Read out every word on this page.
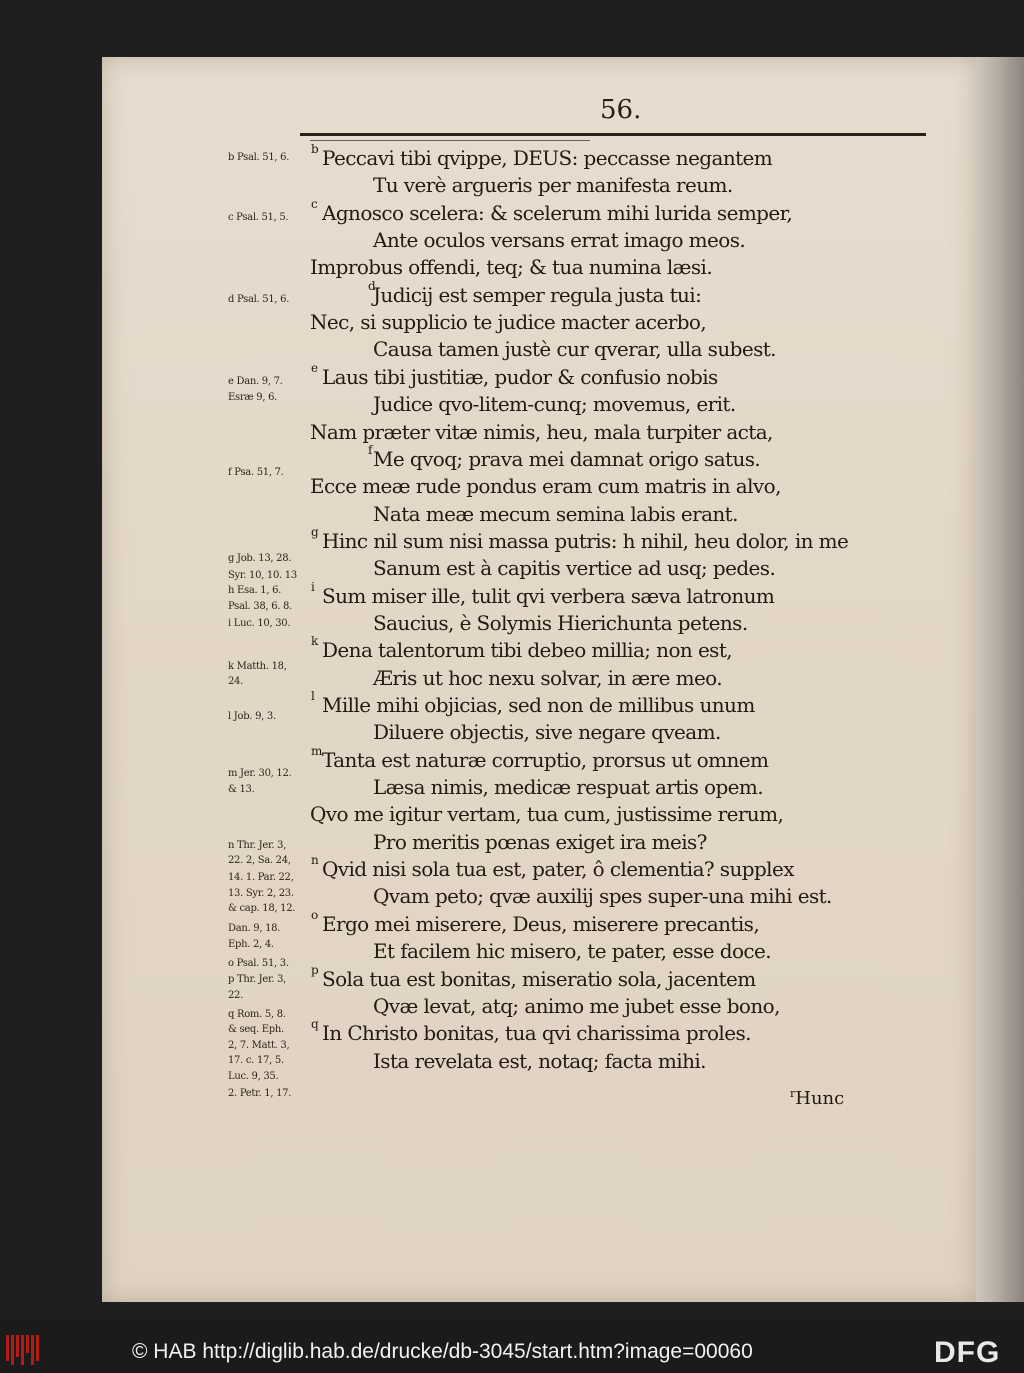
56.
b Peccavi tibi qvippe, DEUS: peccasse negantem
Tu verè argueris per manifesta reum.
c Agnosco scelera: & scelerum mihi lurida semper,
Ante oculos versans errat imago meos.
Improbus offendi, teq; & tua numina læsi.
d
Judicij est semper regula justa tui:
Nec, si supplicio te judice macter acerbo,
Causa tamen justè cur qverar, ulla subest.
e Laus tibi justitiæ, pudor & confusio nobis
Judice qvo-litem-cunq; movemus, erit.
Nam præter vitæ nimis, heu, mala turpiter acta,
f Me qvoq; prava mei damnat origo satus.
Ecce meæ rude pondus eram cum matris in alvo,
Nata meæ mecum semina labis erant.
g Hinc nil sum nisi massa putris: h nihil, heu dolor, in me
Sanum est à capitis vertice ad usq; pedes.
i Sum miser ille, tulit qvi verbera sæva latronum
Saucius, è Solymis Hierichunta petens.
k Dena talentorum tibi debeo millia; non est,
Æris ut hoc nexu solvar, in ære meo.
l Mille mihi objicias, sed non de millibus unum
Diluere objectis, sive negare qveam.
m Tanta est naturæ corruptio, prorsus ut omnem
Læsa nimis, medicæ respuat artis opem.
Qvo me igitur vertam, tua cum, justissime rerum,
Pro meritis pœnas exiget ira meis?
n Qvid nisi sola tua est, pater, ô clementia? supplex
Qvam peto; qvæ auxilij spes super-una mihi est.
o Ergo mei miserere, Deus, miserere precantis,
Et facilem hic misero, te pater, esse doce.
p Sola tua est bonitas, miseratio sola, jacentem
Qvæ levat, atq; animo me jubet esse bono,
q In Christo bonitas, tua qvi charissima proles.
Ista revelata est, notaq; facta mihi.
b Psal. 51, 6.
c Psal. 51, 5.
d Psal. 51, 6.
e Dan. 9, 7.
Esræ 9, 6.
f Psa. 51, 7.
g Job. 13, 28.
Syr. 10, 10. 13
h Esa. 1, 6.
Psal. 38, 6. 8.
i Luc. 10, 30.
k Matth. 18,
24.
l Job. 9, 3.
m Jer. 30, 12.
& 13.
n Thr. Jer. 3,
22. 2, Sa. 24,
14. 1. Par. 22,
13. Syr. 2, 23.
& cap. 18, 12.
Dan. 9, 18.
Eph. 2, 4.
o Psal. 51, 3.
p Thr. Jer. 3,
22.
q Rom. 5, 8.
& seq. Eph.
2, 7. Matt. 3,
17. c. 17, 5.
Luc. 9, 35.
2. Petr. 1, 17.	$^r$Hunc
© HAB http://diglib.hab.de/drucke/db-3045/start.htm?image=00060	DFG
